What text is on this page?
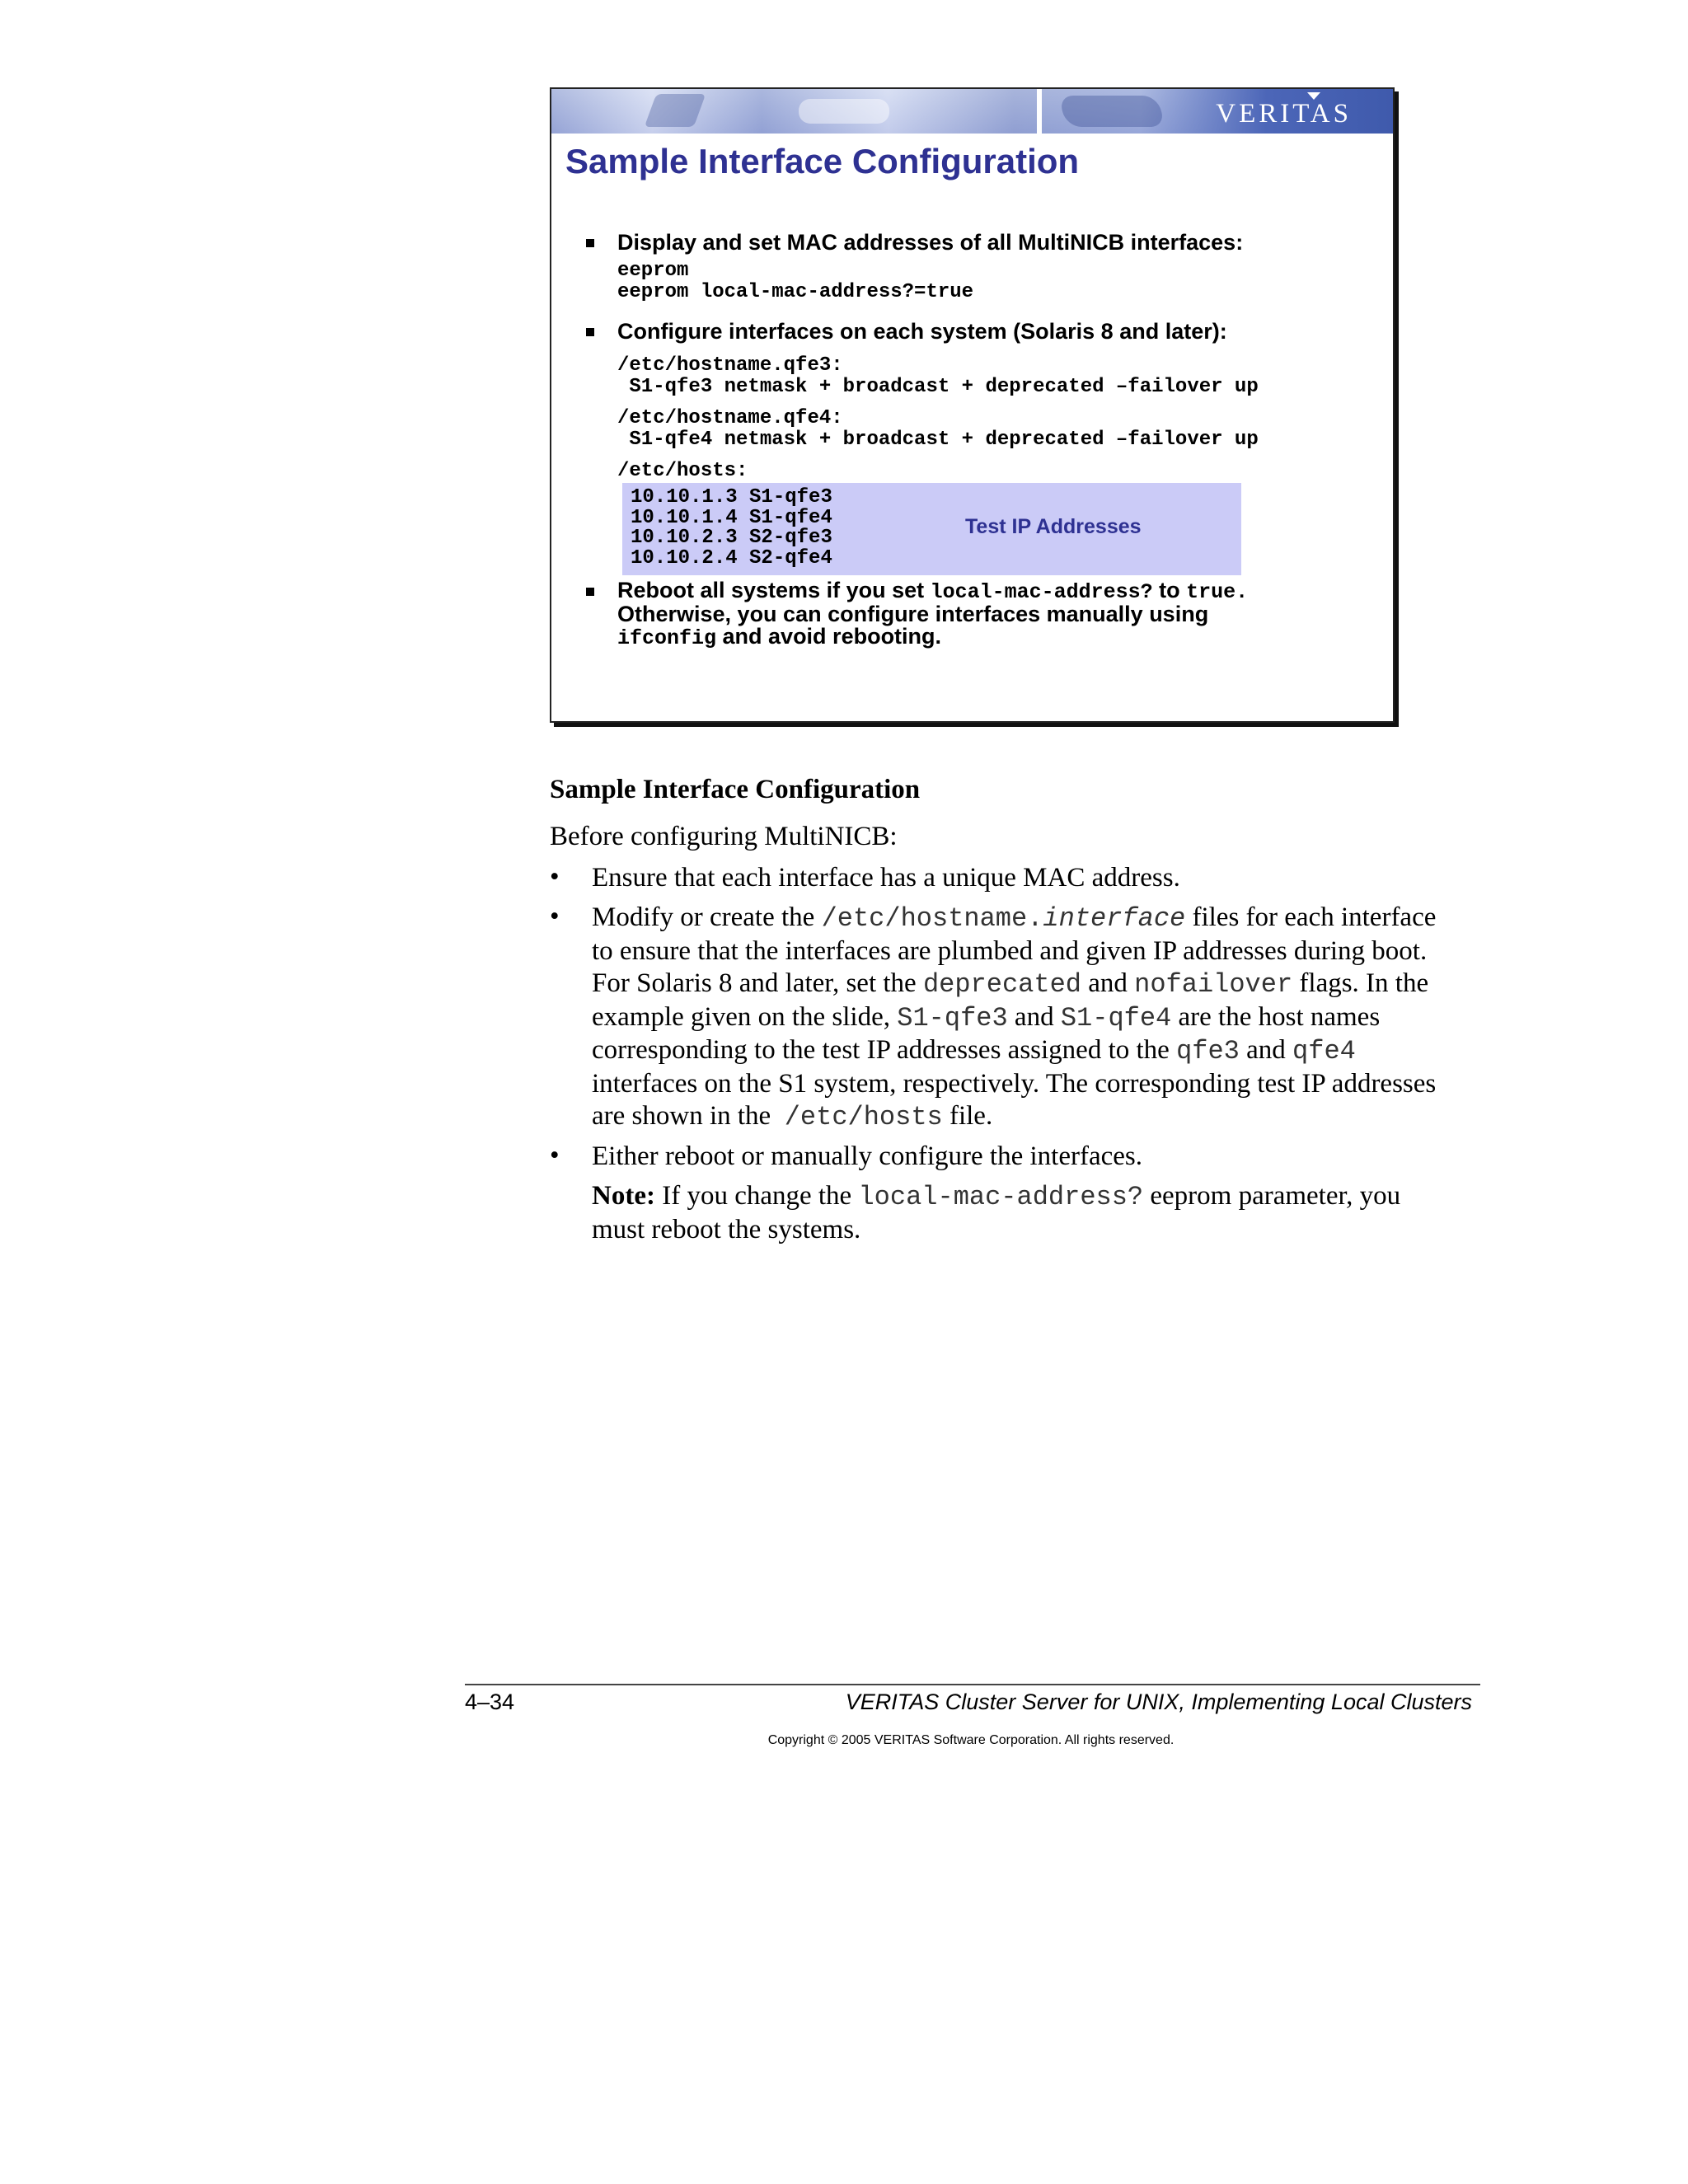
VERITAS
Sample Interface Configuration
Display and set MAC addresses of all MultiNICB interfaces:
eeprom
eeprom local-mac-address?=true
Configure interfaces on each system (Solaris 8 and later):
/etc/hostname.qfe3:
S1-qfe3 netmask + broadcast + deprecated –failover up
/etc/hostname.qfe4:
S1-qfe4 netmask + broadcast + deprecated –failover up
/etc/hosts:
10.10.1.3 S1-qfe3
10.10.1.4 S1-qfe4
10.10.2.3 S2-qfe3
10.10.2.4 S2-qfe4
Test IP Addresses
Reboot all systems if you set local-mac-address? to true.
Otherwise, you can configure interfaces manually using
ifconfig and avoid rebooting.
Sample Interface Configuration
Before configuring MultiNICB:
• Ensure that each interface has a unique MAC address.
• Modify or create the /etc/hostname.interface files for each interface
to ensure that the interfaces are plumbed and given IP addresses during boot.
For Solaris 8 and later, set the deprecated and nofailover flags. In the
example given on the slide, S1-qfe3 and S1-qfe4 are the host names
corresponding to the test IP addresses assigned to the qfe3 and qfe4
interfaces on the S1 system, respectively. The corresponding test IP addresses
are shown in the  /etc/hosts file.
• Either reboot or manually configure the interfaces.
Note: If you change the local-mac-address? eeprom parameter, you
must reboot the systems.
4–34	VERITAS Cluster Server for UNIX, Implementing Local Clusters
Copyright © 2005 VERITAS Software Corporation. All rights reserved.
